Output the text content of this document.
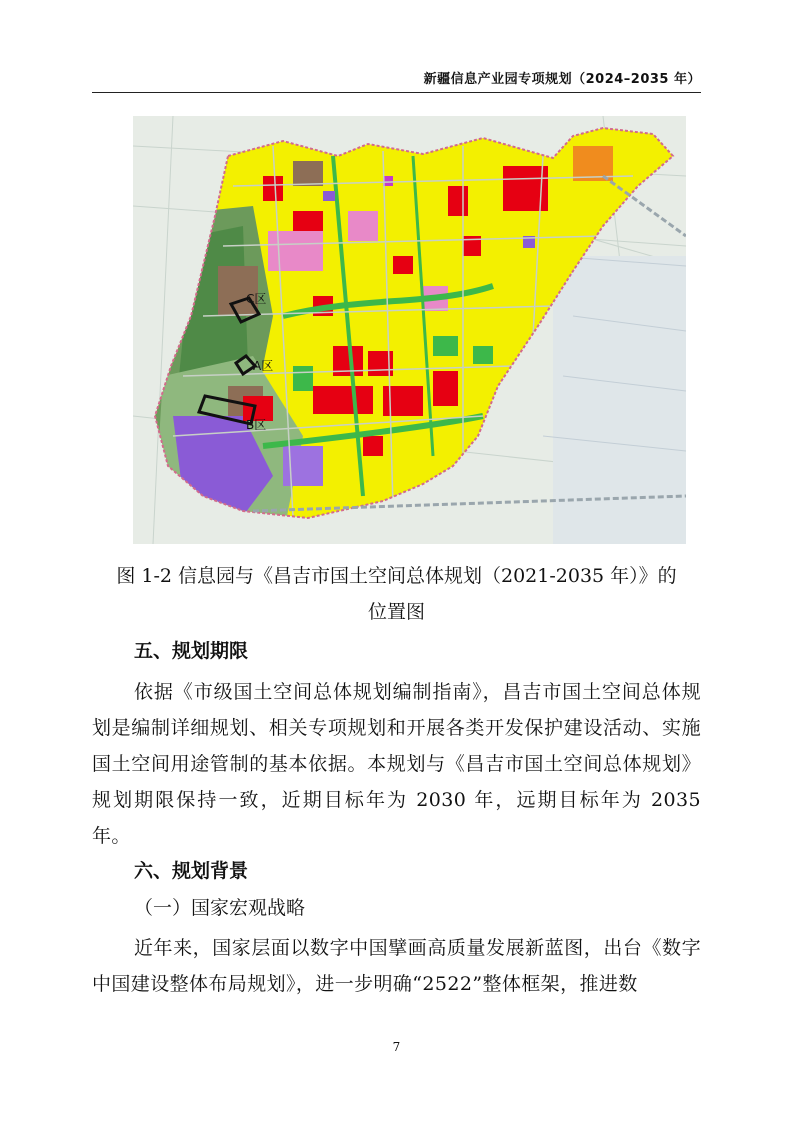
新疆信息产业园专项规划（2024–2035 年）
C区
A区
B区
图 1-2 信息园与《昌吉市国土空间总体规划（2021-2035 年）》的
位置图
五、规划期限
依据《市级国土空间总体规划编制指南》，昌吉市国土空间总体规划是编制详细规划、相关专项规划和开展各类开发保护建设活动、实施国土空间用途管制的基本依据。本规划与《昌吉市国土空间总体规划》规划期限保持一致，近期目标年为 2030 年，远期目标年为 2035 年。
六、规划背景
（一）国家宏观战略
近年来，国家层面以数字中国擘画高质量发展新蓝图，出台《数字中国建设整体布局规划》，进一步明确“2522”整体框架，推进数
7
